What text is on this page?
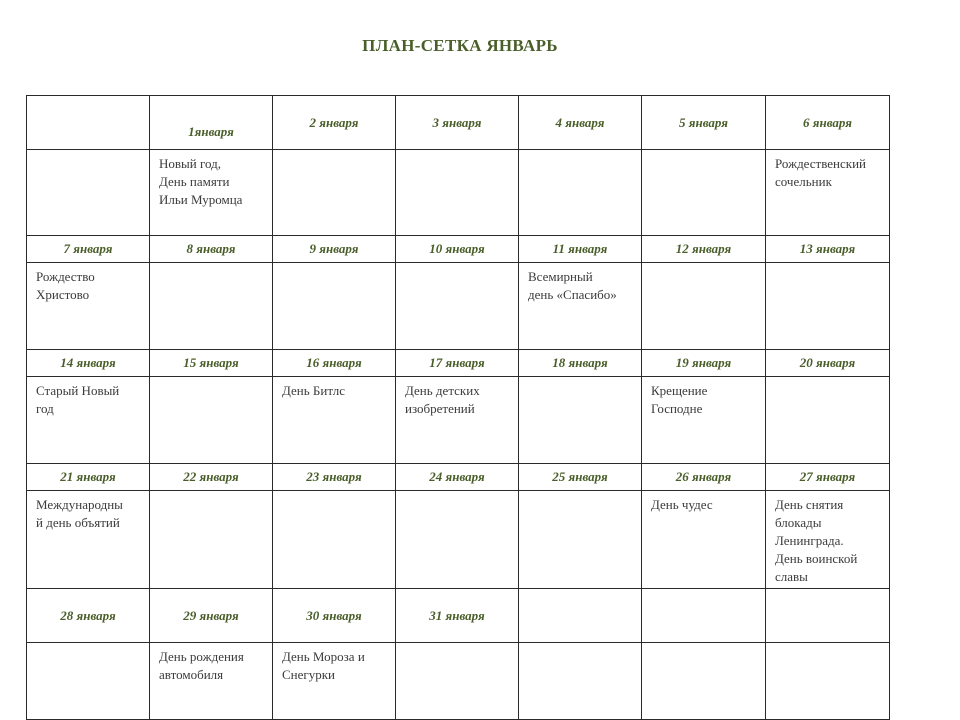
ПЛАН-СЕТКА ЯНВАРЬ
	1января	2 января	3 января	4 января	5 января	6 января
	Новый год,
День памяти
Ильи Муромца					Рождественский
сочельник
7 января	8 января	9 января	10 января	11 января	12 января	13 января
Рождество
Христово				Всемирный
день «Спасибо»		
14 января	15 января	16 января	17 января	18 января	19 января	20 января
Старый Новый
год		День Битлс	День детских
изобретений		Крещение
Господне	
21 января	22 января	23 января	24 января	25 января	26 января	27 января
Международны
й день объятий					День чудес	День снятия
блокады
Ленинграда.
День воинской
славы
28 января	29 января	30 января	31 января			
	День рождения
автомобиля	День Мороза и
Снегурки				
